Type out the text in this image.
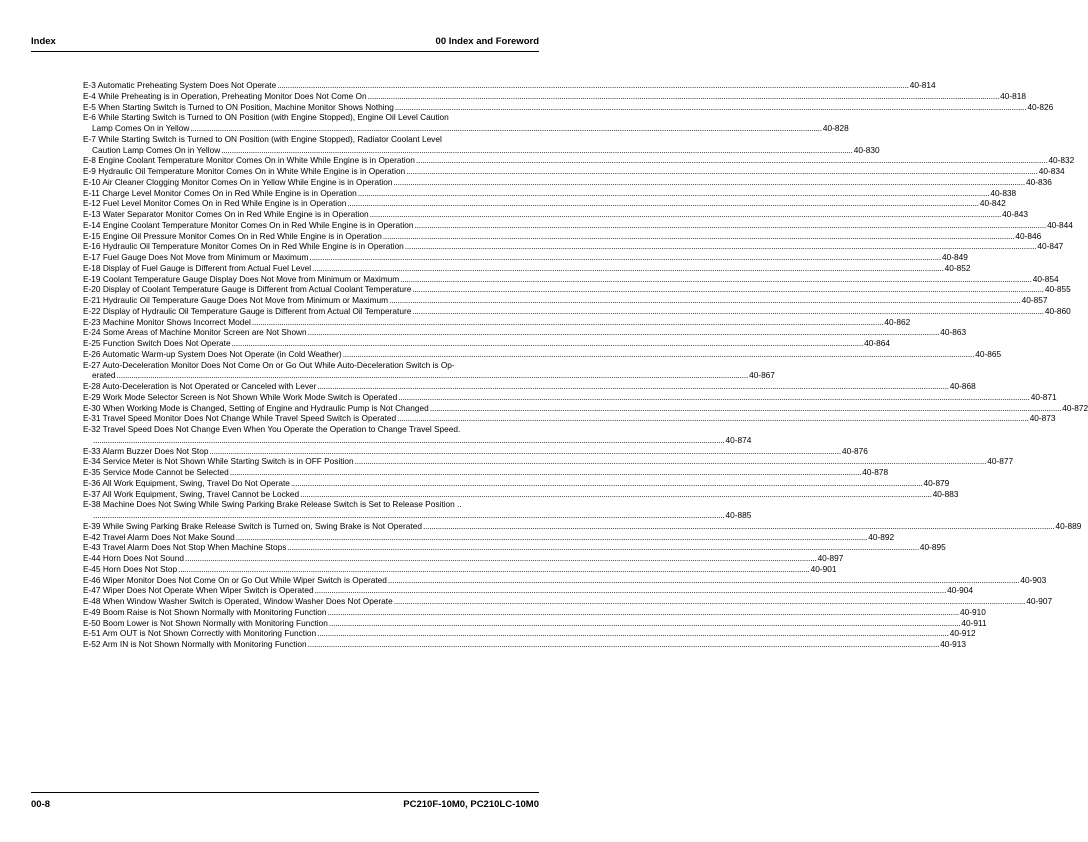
Index	00 Index and Foreword
E-3 Automatic Preheating System Does Not Operate .....	40-814
E-4 While Preheating is in Operation, Preheating Monitor Does Not Come On .....	40-818
E-5 When Starting Switch is Turned to ON Position, Machine Monitor Shows Nothing .....	40-826
E-6 While Starting Switch is Turned to ON Position (with Engine Stopped), Engine Oil Level Caution
Lamp Comes On in Yellow .....	40-828
E-7 While Starting Switch is Turned to ON Position (with Engine Stopped), Radiator Coolant Level
Caution Lamp Comes On in Yellow .....	40-830
E-8 Engine Coolant Temperature Monitor Comes On in White While Engine is in Operation .....	40-832
E-9 Hydraulic Oil Temperature Monitor Comes On in White While Engine is in Operation .....	40-834
E-10 Air Cleaner Clogging Monitor Comes On in Yellow While Engine is in Operation .....	40-836
E-11 Charge Level Monitor Comes On in Red While Engine is in Operation .....	40-838
E-12 Fuel Level Monitor Comes On in Red While Engine is in Operation .....	40-842
E-13 Water Separator Monitor Comes On in Red While Engine is in Operation .....	40-843
E-14 Engine Coolant Temperature Monitor Comes On in Red While Engine is in Operation .....	40-844
E-15 Engine Oil Pressure Monitor Comes On in Red While Engine is in Operation .....	40-846
E-16 Hydraulic Oil Temperature Monitor Comes On in Red While Engine is in Operation .....	40-847
E-17 Fuel Gauge Does Not Move from Minimum or Maximum .....	40-849
E-18 Display of Fuel Gauge is Different from Actual Fuel Level .....	40-852
E-19 Coolant Temperature Gauge Display Does Not Move from Minimum or Maximum .....	40-854
E-20 Display of Coolant Temperature Gauge is Different from Actual Coolant Temperature .....	40-855
E-21 Hydraulic Oil Temperature Gauge Does Not Move from Minimum or Maximum .....	40-857
E-22 Display of Hydraulic Oil Temperature Gauge is Different from Actual Oil Temperature .....	40-860
E-23 Machine Monitor Shows Incorrect Model .....	40-862
E-24 Some Areas of Machine Monitor Screen are Not Shown .....	40-863
E-25 Function Switch Does Not Operate .....	40-864
E-26 Automatic Warm-up System Does Not Operate (in Cold Weather) .....	40-865
E-27 Auto-Deceleration Monitor Does Not Come On or Go Out While Auto-Deceleration Switch is Op-
erated .....	40-867
E-28 Auto-Deceleration is Not Operated or Canceled with Lever .....	40-868
E-29 Work Mode Selector Screen is Not Shown While Work Mode Switch is Operated .....	40-871
E-30 When Working Mode is Changed, Setting of Engine and Hydraulic Pump is Not Changed .....	40-872
E-31 Travel Speed Monitor Does Not Change While Travel Speed Switch is Operated .....	40-873
E-32 Travel Speed Does Not Change Even When You Operate the Operation to Change Travel Speed.
.....
40-874
E-33 Alarm Buzzer Does Not Stop .....	40-876
E-34 Service Meter is Not Shown While Starting Switch is in OFF Position .....	40-877
E-35 Service Mode Cannot be Selected .....	40-878
E-36 All Work Equipment, Swing, Travel Do Not Operate .....	40-879
E-37 All Work Equipment, Swing, Travel Cannot be Locked .....	40-883
E-38 Machine Does Not Swing While Swing Parking Brake Release Switch is Set to Release Position ..
.....
40-885
E-39 While Swing Parking Brake Release Switch is Turned on, Swing Brake is Not Operated .....	40-889
E-42 Travel Alarm Does Not Make Sound .....	40-892
E-43 Travel Alarm Does Not Stop When Machine Stops .....	40-895
E-44 Horn Does Not Sound .....	40-897
E-45 Horn Does Not Stop .....	40-901
E-46 Wiper Monitor Does Not Come On or Go Out While Wiper Switch is Operated .....	40-903
E-47 Wiper Does Not Operate When Wiper Switch is Operated .....	40-904
E-48 When Window Washer Switch is Operated, Window Washer Does Not Operate .....	40-907
E-49 Boom Raise is Not Shown Normally with Monitoring Function .....	40-910
E-50 Boom Lower is Not Shown Normally with Monitoring Function .....	40-911
E-51 Arm OUT is Not Shown Correctly with Monitoring Function .....	40-912
E-52 Arm IN is Not Shown Normally with Monitoring Function .....	40-913
00-8	PC210F-10M0, PC210LC-10M0
